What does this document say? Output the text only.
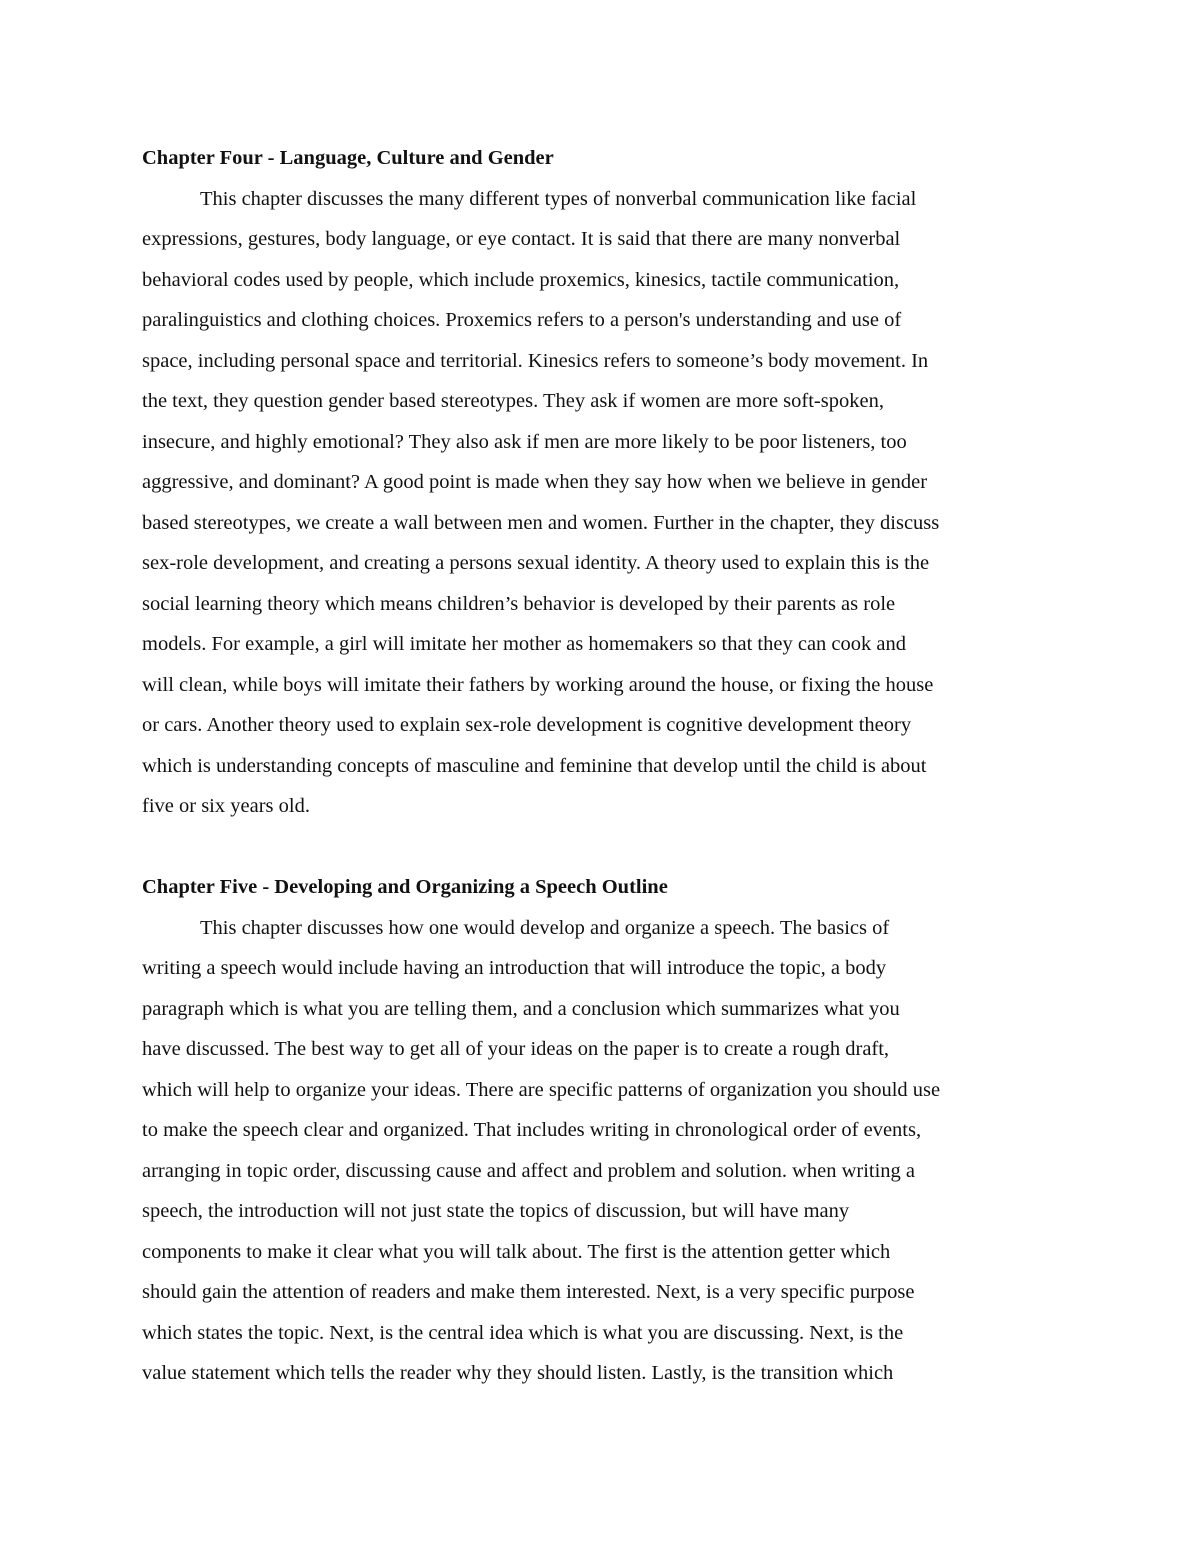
Chapter Four - Language, Culture and Gender
This chapter discusses the many different types of nonverbal communication like facial
expressions, gestures, body language, or eye contact. It is said that there are many nonverbal
behavioral codes used by people, which include proxemics, kinesics, tactile communication,
paralinguistics and clothing choices. Proxemics refers to a person's understanding and use of
space, including personal space and territorial. Kinesics refers to someone’s body movement. In
the text, they question gender based stereotypes. They ask if women are more soft-spoken,
insecure, and highly emotional? They also ask if men are more likely to be poor listeners, too
aggressive, and dominant? A good point is made when they say how when we believe in gender
based stereotypes, we create a wall between men and women. Further in the chapter, they discuss
sex-role development, and creating a persons sexual identity. A theory used to explain this is the
social learning theory which means children’s behavior is developed by their parents as role
models. For example, a girl will imitate her mother as homemakers so that they can cook and
will clean, while boys will imitate their fathers by working around the house, or fixing the house
or cars. Another theory used to explain sex-role development is cognitive development theory
which is understanding concepts of masculine and feminine that develop until the child is about
five or six years old.
Chapter Five - Developing and Organizing a Speech Outline
This chapter discusses how one would develop and organize a speech. The basics of
writing a speech would include having an introduction that will introduce the topic, a body
paragraph which is what you are telling them, and a conclusion which summarizes what you
have discussed. The best way to get all of your ideas on the paper is to create a rough draft,
which will help to organize your ideas. There are specific patterns of organization you should use
to make the speech clear and organized. That includes writing in chronological order of events,
arranging in topic order, discussing cause and affect and problem and solution. when writing a
speech, the introduction will not just state the topics of discussion, but will have many
components to make it clear what you will talk about. The first is the attention getter which
should gain the attention of readers and make them interested. Next, is a very specific purpose
which states the topic. Next, is the central idea which is what you are discussing. Next, is the
value statement which tells the reader why they should listen. Lastly, is the transition which
